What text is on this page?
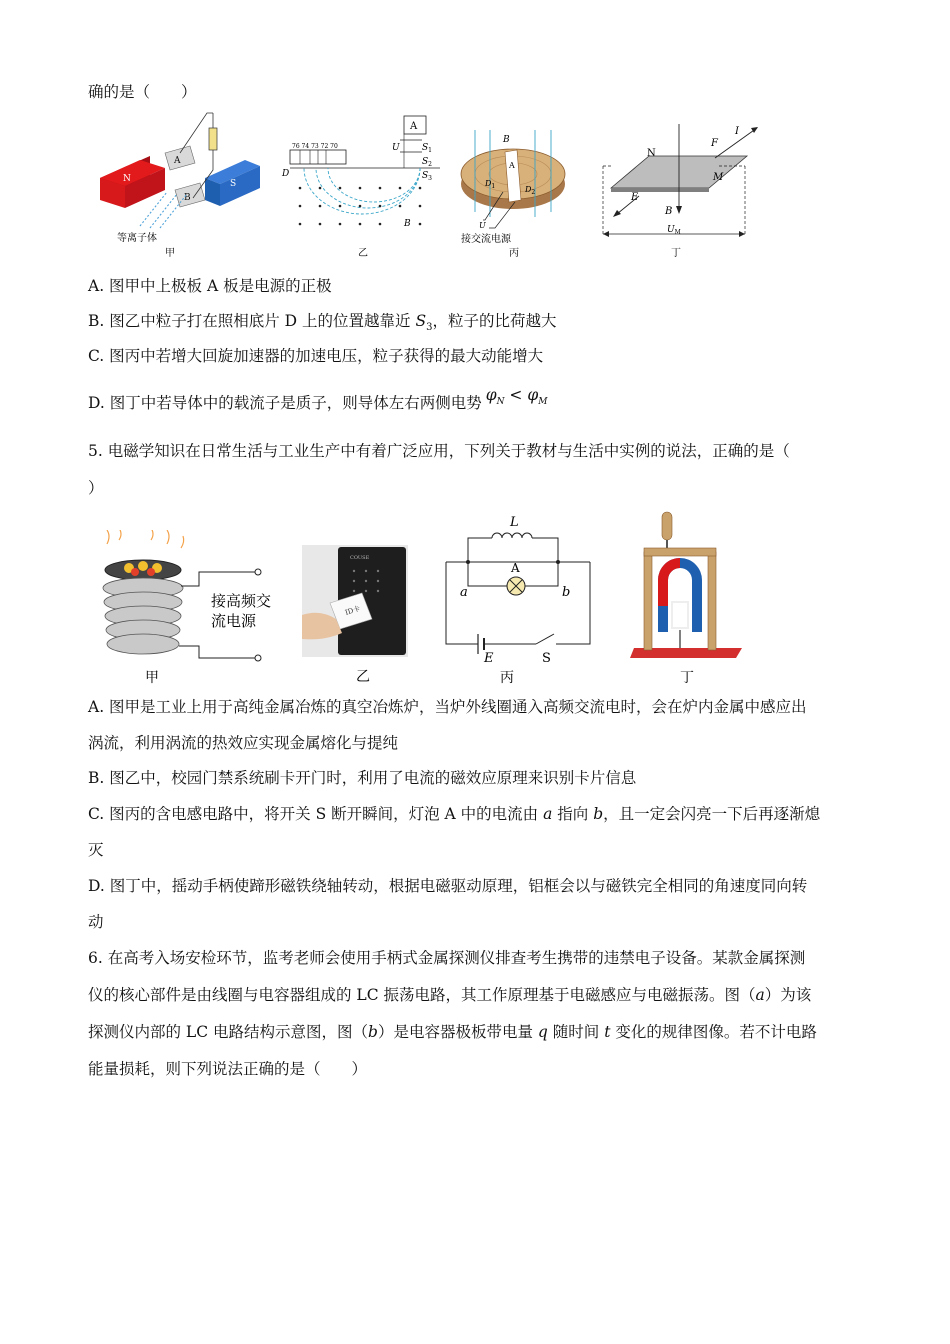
确的是（　　）
N	S
A
B
等离子体
甲
76 74 73 72 70
D
A
U $S_1$
$S_2$
$S_3$
B
乙
B
A
$D_1$	$D_2$
U
接交流电源
丙
N
M
E
F
I
B
$U_M$
丁
A. 图甲中上极板 A 板是电源的正极
B. 图乙中粒子打在照相底片 D 上的位置越靠近 $S_3$，粒子的比荷越大
C. 图丙中若增大回旋加速器的加速电压，粒子获得的最大动能增大
D. 图丁中若导体中的载流子是质子，则导体左右两侧电势 $\varphi_N < \varphi_M$
5. 电磁学知识在日常生活与工业生产中有着广泛应用，下列关于教材与生活中实例的说法，正确的是（
）
接高频交
流电源
甲
COUSE
ID卡
乙
L
A
a	b
E	S
丙	丁
A. 图甲是工业上用于高纯金属冶炼的真空冶炼炉，当炉外线圈通入高频交流电时，会在炉内金属中感应出
涡流，利用涡流的热效应实现金属熔化与提纯
B. 图乙中，校园门禁系统刷卡开门时，利用了电流的磁效应原理来识别卡片信息
C. 图丙的含电感电路中，将开关 S 断开瞬间，灯泡 A 中的电流由 a 指向 b，且一定会闪亮一下后再逐渐熄
灭
D. 图丁中，摇动手柄使蹄形磁铁绕轴转动，根据电磁驱动原理，铝框会以与磁铁完全相同的角速度同向转
动
6. 在高考入场安检环节，监考老师会使用手柄式金属探测仪排查考生携带的违禁电子设备。某款金属探测
仪的核心部件是由线圈与电容器组成的 LC 振荡电路，其工作原理基于电磁感应与电磁振荡。图（a）为该
探测仪内部的 LC 电路结构示意图，图（b）是电容器极板带电量 q 随时间 t 变化的规律图像。若不计电路
能量损耗，则下列说法正确的是（　　）
